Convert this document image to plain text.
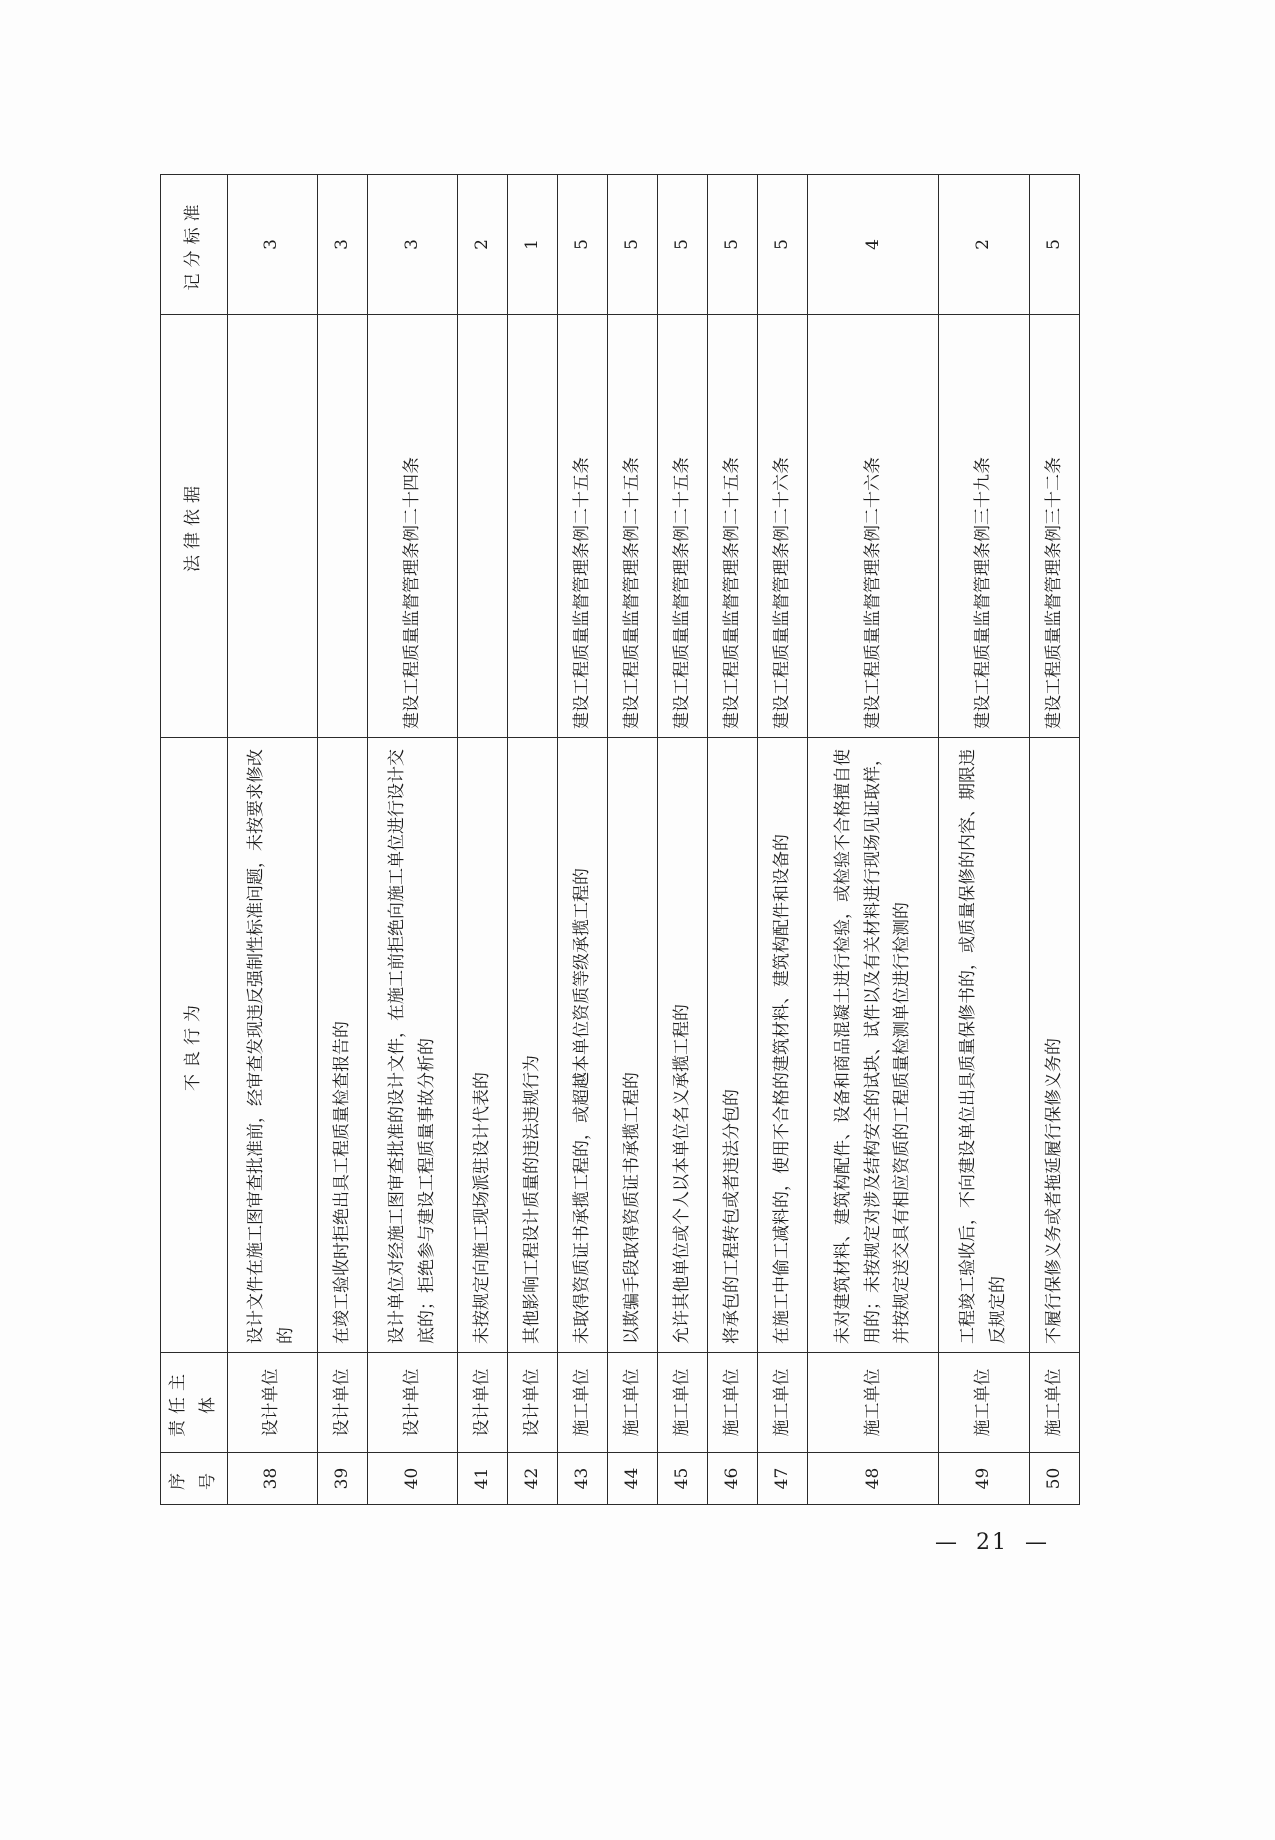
序号	责任主体	不良行为	法律依据	记分标准
38	设计单位	设计文件在施工图审查批准前，经审查发现违反强制性标准问题，未按要求修改的		3
39	设计单位	在竣工验收时拒绝出具工程质量检查报告的		3
40	设计单位	设计单位对经施工图审查批准的设计文件，在施工前拒绝向施工单位进行设计交底的；拒绝参与建设工程质量事故分析的	建设工程质量监督管理条例二十四条	3
41	设计单位	未按规定向施工现场派驻设计代表的		2
42	设计单位	其他影响工程设计质量的违法违规行为		1
43	施工单位	未取得资质证书承揽工程的，或超越本单位资质等级承揽工程的	建设工程质量监督管理条例二十五条	5
44	施工单位	以欺骗手段取得资质证书承揽工程的	建设工程质量监督管理条例二十五条	5
45	施工单位	允许其他单位或个人以本单位名义承揽工程的	建设工程质量监督管理条例二十五条	5
46	施工单位	将承包的工程转包或者违法分包的	建设工程质量监督管理条例二十五条	5
47	施工单位	在施工中偷工减料的，使用不合格的建筑材料、建筑构配件和设备的	建设工程质量监督管理条例二十六条	5
48	施工单位	未对建筑材料、建筑构配件、设备和商品混凝土进行检验，或检验不合格擅自使用的；未按规定对涉及结构安全的试块、试件以及有关材料进行现场见证取样，并按规定送交具有相应资质的工程质量检测单位进行检测的	建设工程质量监督管理条例二十六条	4
49	施工单位	工程竣工验收后，不向建设单位出具质量保修书的，或质量保修的内容、期限违反规定的	建设工程质量监督管理条例三十九条	2
50	施工单位	不履行保修义务或者拖延履行保修义务的	建设工程质量监督管理条例三十二条	5
— 21 —
